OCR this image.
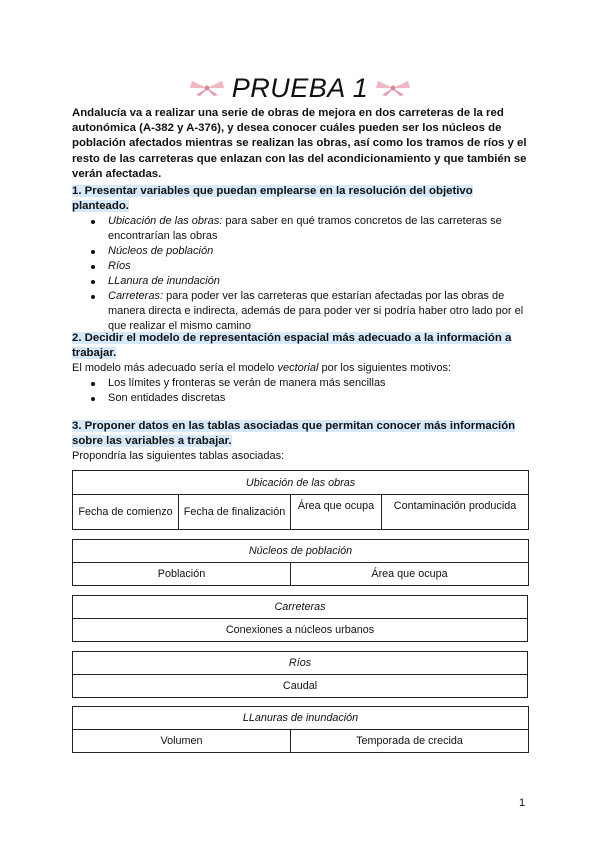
PRUEBA 1
Andalucía va a realizar una serie de obras de mejora en dos carreteras de la red autonómica (A-382 y A-376), y desea conocer cuáles pueden ser los núcleos de población afectados mientras se realizan las obras, así como los tramos de ríos y el resto de las carreteras que enlazan con las del acondicionamiento y que también se verán afectadas.
1. Presentar variables que puedan emplearse en la resolución del objetivo planteado.
Ubicación de las obras: para saber en qué tramos concretos de las carreteras se encontrarían las obras
Núcleos de población
Ríos
LLanura de inundación
Carreteras: para poder ver las carreteras que estarían afectadas por las obras de manera directa e indirecta, además de para poder ver si podría haber otro lado por el que realizar el mismo camino
2. Decidir el modelo de representación espacial más adecuado a la información a
trabajar.
El modelo más adecuado sería el modelo vectorial por los siguientes motivos:
Los límites y fronteras se verán de manera más sencillas
Son entidades discretas
3. Proponer datos en las tablas asociadas que permitan conocer más información
sobre las variables a trabajar.
Propondría las siguientes tablas asociadas:
Ubicación de las obras
Fecha de comienzo	Fecha de finalización	Área que ocupa	Contaminación producida
Núcleos de población
Población	Área que ocupa
Carreteras
Conexiones a núcleos urbanos
Ríos
Caudal
LLanuras de inundación
Volumen	Temporada de crecida
1
